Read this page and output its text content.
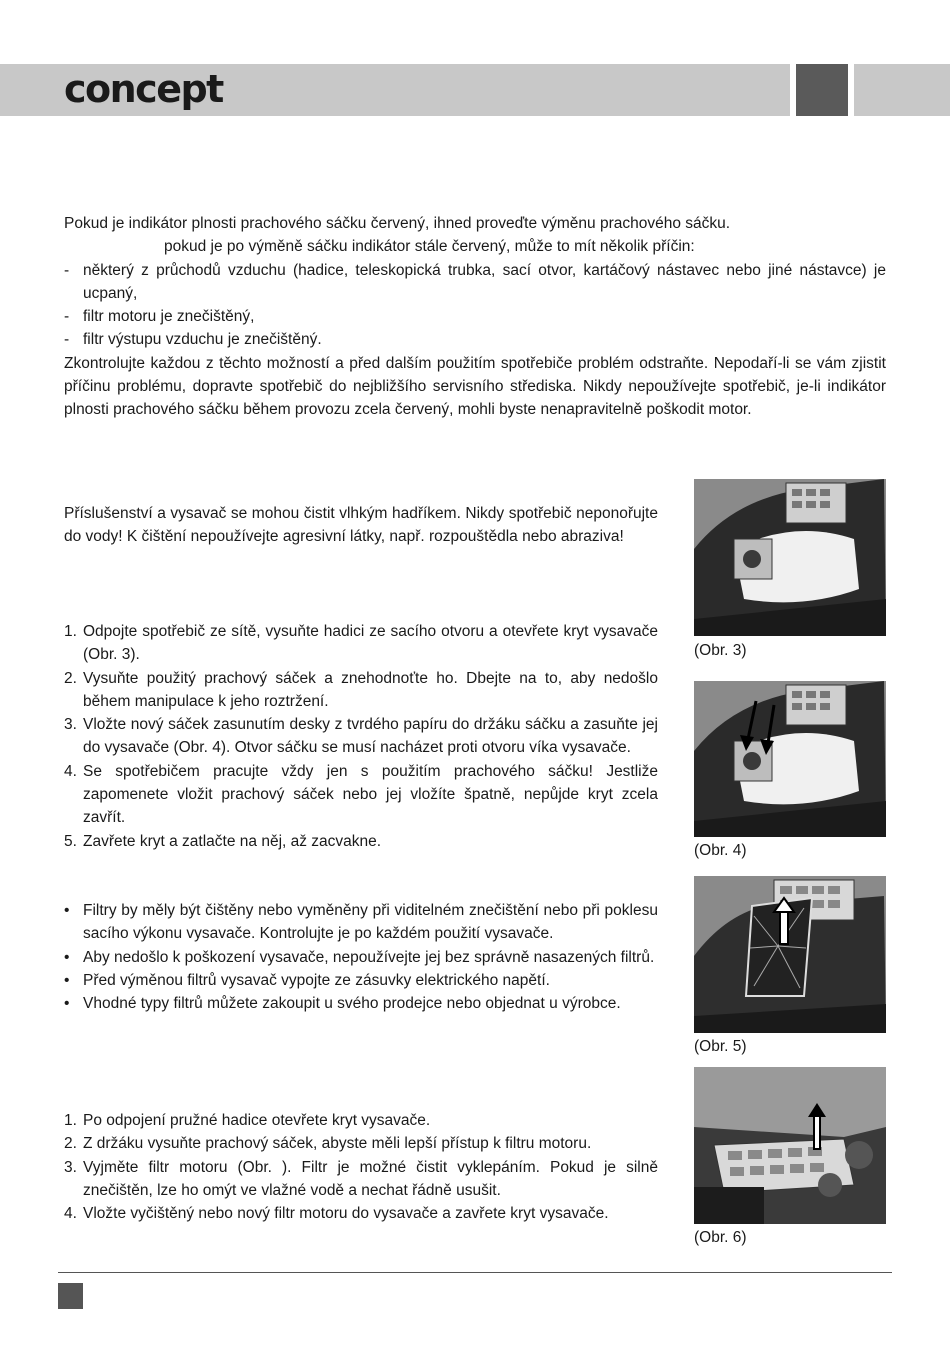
concept

Pokud je indikátor plnosti prachového sáčku červený, ihned proveďte výměnu prachového sáčku.

pokud je po výměně sáčku indikátor stále červený, může to mít několik příčin:

- některý z průchodů vzduchu (hadice, teleskopická trubka, sací otvor, kartáčový nástavec nebo jiné nástavce) je ucpaný,
- filtr motoru je znečištěný,
- filtr výstupu vzduchu je znečištěný.

Zkontrolujte každou z těchto možností a před dalším použitím spotřebiče problém odstraňte. Nepodaří-li se vám zjistit příčinu problému, dopravte spotřebič do nejbližšího servisního střediska. Nikdy nepoužívejte spotřebič, je-li indikátor plnosti prachového sáčku během provozu zcela červený, mohli byste nenapravitelně poškodit motor.

Příslušenství a vysavač se mohou čistit vlhkým hadříkem. Nikdy spotřebič neponořujte do vody! K čištění nepoužívejte agresivní látky, např. rozpouštědla nebo abraziva!
1. Odpojte spotřebič ze sítě, vysuňte hadici ze sacího otvoru a otevřete kryt vysavače (Obr. 3).
2. Vysuňte použitý prachový sáček a znehodnoťte ho. Dbejte na to, aby nedošlo během manipulace k jeho roztržení.
3. Vložte nový sáček zasunutím desky z tvrdého papíru do držáku sáčku a zasuňte jej do vysavače (Obr. 4). Otvor sáčku se musí nacházet proti otvoru víka vysavače.
4. Se spotřebičem pracujte vždy jen s použitím prachového sáčku! Jestliže zapomenete vložit prachový sáček nebo jej vložíte špatně, nepůjde kryt zcela zavřít.
5. Zavřete kryt a zatlačte na něj, až zacvakne.
• Filtry by měly být čištěny nebo vyměněny při viditelném znečištění nebo při poklesu sacího výkonu vysavače. Kontrolujte je po každém použití vysavače.
• Aby nedošlo k poškození vysavače, nepoužívejte jej bez správně nasazených filtrů.
• Před výměnou filtrů vysavač vypojte ze zásuvky elektrického napětí.
• Vhodné typy filtrů můžete zakoupit u svého prodejce nebo objednat u výrobce.
1. Po odpojení pružné hadice otevřete kryt vysavače.
2. Z držáku vysuňte prachový sáček, abyste měli lepší přístup k filtru motoru.
3. Vyjměte filtr motoru (Obr. ). Filtr je možné čistit vyklepáním. Pokud je silně znečištěn, lze ho omýt ve vlažné vodě a nechat řádně usušit.
4. Vložte vyčištěný nebo nový filtr motoru do vysavače a zavřete kryt vysavače.
(Obr. 3)
(Obr. 4)
(Obr. 5)
(Obr. 6)
